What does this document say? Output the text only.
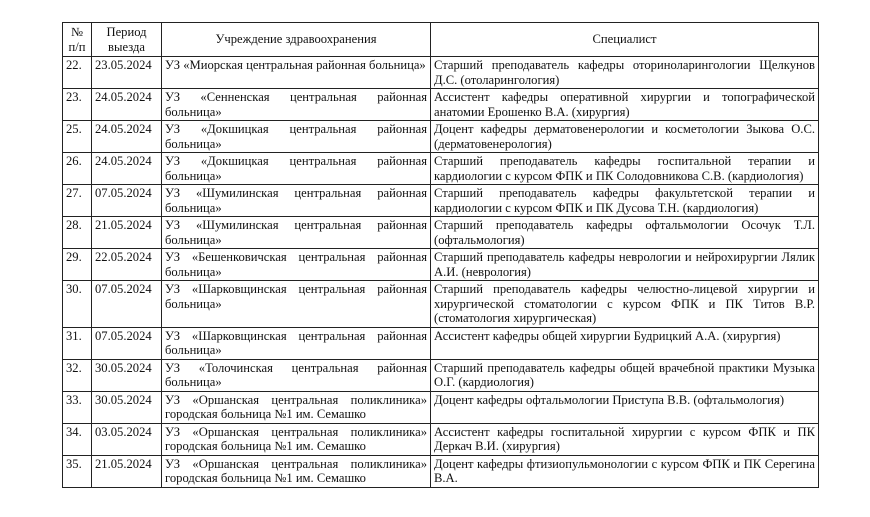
№ п/п	Период выезда	Учреждение здравоохранения	Специалист
22.	23.05.2024	УЗ «Миорская центральная районная больница»	Старший преподаватель кафедры оториноларингологии Щелкунов Д.С. (отоларингология)
23.	24.05.2024	УЗ «Сенненская центральная районная больница»	Ассистент кафедры оперативной хирургии и топографической анатомии Ерошенко В.А. (хирургия)
25.	24.05.2024	УЗ «Докшицкая центральная районная больница»	Доцент кафедры дерматовенерологии и косметологии Зыкова О.С. (дерматовенерология)
26.	24.05.2024	УЗ «Докшицкая центральная районная больница»	Старший преподаватель кафедры госпитальной терапии и кардиологии с курсом ФПК и ПК Солодовникова С.В. (кардиология)
27.	07.05.2024	УЗ «Шумилинская центральная районная больница»	Старший преподаватель кафедры факультетской терапии и кардиологии с курсом ФПК и ПК Дусова Т.Н. (кардиология)
28.	21.05.2024	УЗ «Шумилинская центральная районная больница»	Старший преподаватель кафедры офтальмологии Осочук Т.Л. (офтальмология)
29.	22.05.2024	УЗ «Бешенковичская центральная районная больница»	Старший преподаватель кафедры неврологии и нейрохирургии Лялик А.И. (неврология)
30.	07.05.2024	УЗ «Шарковщинская центральная районная больница»	Старший преподаватель кафедры челюстно-лицевой хирургии и хирургической стоматологии с курсом ФПК и ПК Титов В.Р. (стоматология хирургическая)
31.	07.05.2024	УЗ «Шарковщинская центральная районная больница»	Ассистент кафедры общей хирургии Будрицкий А.А. (хирургия)
32.	30.05.2024	УЗ «Толочинская центральная районная больница»	Старший преподаватель кафедры общей врачебной практики Музыка О.Г. (кардиология)
33.	30.05.2024	УЗ «Оршанская центральная поликлиника» городская больница №1 им. Семашко	Доцент кафедры офтальмологии Приступа В.В. (офтальмология)
34.	03.05.2024	УЗ «Оршанская центральная поликлиника» городская больница №1 им. Семашко	Ассистент кафедры госпитальной хирургии с курсом ФПК и ПК Деркач В.И. (хирургия)
35.	21.05.2024	УЗ «Оршанская центральная поликлиника» городская больница №1 им. Семашко	Доцент кафедры фтизиопульмонологии с курсом ФПК и ПК Серегина В.А.
